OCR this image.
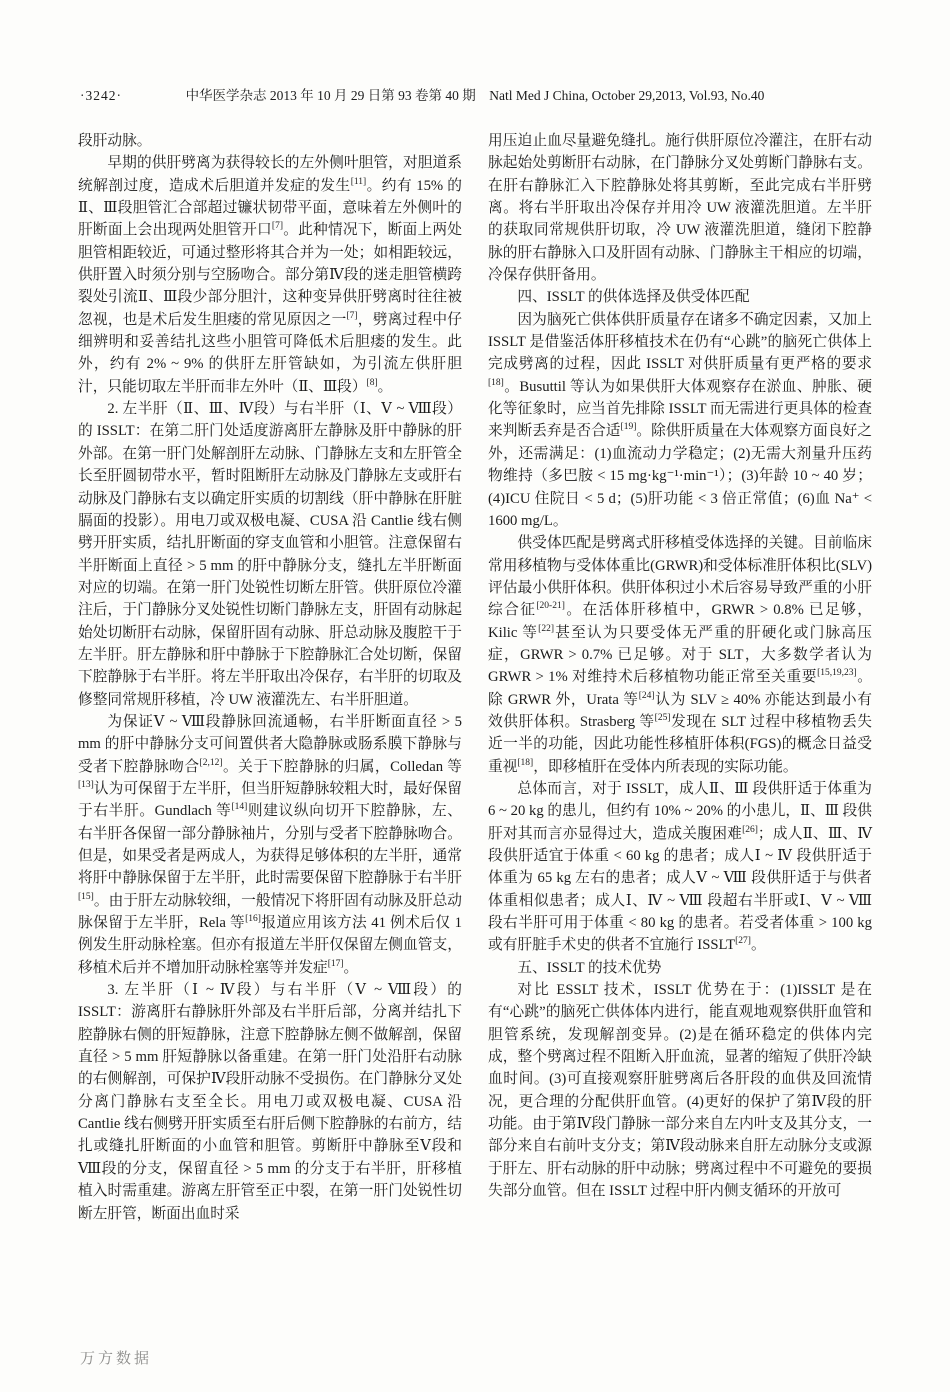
·3242·	中华医学杂志 2013 年 10 月 29 日第 93 卷第 40 期　Natl Med J China, October 29,2013, Vol.93, No.40

段肝动脉。

早期的供肝劈离为获得较长的左外侧叶胆管，对胆道系统解剖过度，造成术后胆道并发症的发生[11]。约有 15% 的Ⅱ、Ⅲ段胆管汇合部超过镰状韧带平面，意味着左外侧叶的肝断面上会出现两处胆管开口[7]。此种情况下，断面上两处胆管相距较近，可通过整形将其合并为一处；如相距较远，供肝置入时须分别与空肠吻合。部分第Ⅳ段的迷走胆管横跨裂处引流Ⅱ、Ⅲ段少部分胆汁，这种变异供肝劈离时往往被忽视，也是术后发生胆瘘的常见原因之一[7]，劈离过程中仔细辨明和妥善结扎这些小胆管可降低术后胆瘘的发生。此外，约有 2% ~ 9% 的供肝左肝管缺如，为引流左供肝胆汁，只能切取左半肝而非左外叶（Ⅱ、Ⅲ段）[8]。

2. 左半肝（Ⅱ、Ⅲ、Ⅳ段）与右半肝（Ⅰ、Ⅴ ~ Ⅷ段）的 ISSLT：在第二肝门处适度游离肝左静脉及肝中静脉的肝外部。在第一肝门处解剖肝左动脉、门静脉左支和左肝管全长至肝圆韧带水平，暂时阻断肝左动脉及门静脉左支或肝右动脉及门静脉右支以确定肝实质的切割线（肝中静脉在肝脏膈面的投影）。用电刀或双极电凝、CUSA 沿 Cantlie 线右侧劈开肝实质，结扎肝断面的穿支血管和小胆管。注意保留右半肝断面上直径 > 5 mm 的肝中静脉分支，缝扎左半肝断面对应的切端。在第一肝门处锐性切断左肝管。供肝原位冷灌注后，于门静脉分叉处锐性切断门静脉左支，肝固有动脉起始处切断肝右动脉，保留肝固有动脉、肝总动脉及腹腔干于左半肝。肝左静脉和肝中静脉于下腔静脉汇合处切断，保留下腔静脉于右半肝。将左半肝取出冷保存，右半肝的切取及修整同常规肝移植，冷 UW 液灌洗左、右半肝胆道。

为保证Ⅴ ~ Ⅷ段静脉回流通畅，右半肝断面直径 > 5 mm 的肝中静脉分支可间置供者大隐静脉或肠系膜下静脉与受者下腔静脉吻合[2,12]。关于下腔静脉的归属，Colledan 等[13]认为可保留于左半肝，但当肝短静脉较粗大时，最好保留于右半肝。Gundlach 等[14]则建议纵向切开下腔静脉，左、右半肝各保留一部分静脉袖片，分别与受者下腔静脉吻合。但是，如果受者是两成人，为获得足够体积的左半肝，通常将肝中静脉保留于左半肝，此时需要保留下腔静脉于右半肝[15]。由于肝左动脉较细，一般情况下将肝固有动脉及肝总动脉保留于左半肝，Rela 等[16]报道应用该方法 41 例术后仅 1 例发生肝动脉栓塞。但亦有报道左半肝仅保留左侧血管支，移植术后并不增加肝动脉栓塞等并发症[17]。

3. 左半肝（Ⅰ ~ Ⅳ段）与右半肝（Ⅴ ~ Ⅷ段）的 ISSLT：游离肝右静脉肝外部及右半肝后部，分离并结扎下腔静脉右侧的肝短静脉，注意下腔静脉左侧不做解剖，保留直径 > 5 mm 肝短静脉以备重建。在第一肝门处沿肝右动脉的右侧解剖，可保护Ⅳ段肝动脉不受损伤。在门静脉分叉处分离门静脉右支至全长。用电刀或双极电凝、CUSA 沿 Cantlie 线右侧劈开肝实质至右肝后侧下腔静脉的右前方，结扎或缝扎肝断面的小血管和胆管。剪断肝中静脉至Ⅴ段和Ⅷ段的分支，保留直径 > 5 mm 的分支于右半肝，肝移植植入时需重建。游离左肝管至正中裂，在第一肝门处锐性切断左肝管，断面出血时采

用压迫止血尽量避免缝扎。施行供肝原位冷灌注，在肝右动脉起始处剪断肝右动脉，在门静脉分叉处剪断门静脉右支。在肝右静脉汇入下腔静脉处将其剪断，至此完成右半肝劈离。将右半肝取出冷保存并用冷 UW 液灌洗胆道。左半肝的获取同常规供肝切取，冷 UW 液灌洗胆道，缝闭下腔静脉的肝右静脉入口及肝固有动脉、门静脉主干相应的切端，冷保存供肝备用。

四、ISSLT 的供体选择及供受体匹配

因为脑死亡供体供肝质量存在诸多不确定因素，又加上 ISSLT 是借鉴活体肝移植技术在仍有“心跳”的脑死亡供体上完成劈离的过程，因此 ISSLT 对供肝质量有更严格的要求[18]。Busuttil 等认为如果供肝大体观察存在淤血、肿胀、硬化等征象时，应当首先排除 ISSLT 而无需进行更具体的检查来判断丢弃是否合适[19]。除供肝质量在大体观察方面良好之外，还需满足：(1)血流动力学稳定；(2)无需大剂量升压药物维持（多巴胺 < 15 mg·kg⁻¹·min⁻¹）；(3)年龄 10 ~ 40 岁；(4)ICU 住院日 < 5 d；(5)肝功能 < 3 倍正常值；(6)血 Na⁺ < 1600 mg/L。

供受体匹配是劈离式肝移植受体选择的关键。目前临床常用移植物与受体体重比(GRWR)和受体标准肝体积比(SLV)评估最小供肝体积。供肝体积过小术后容易导致严重的小肝综合征[20-21]。在活体肝移植中，GRWR > 0.8% 已足够，Kilic 等[22]甚至认为只要受体无严重的肝硬化或门脉高压症，GRWR > 0.7% 已足够。对于 SLT，大多数学者认为 GRWR > 1% 对维持术后移植物功能正常至关重要[15,19,23]。除 GRWR 外，Urata 等[24]认为 SLV ≥ 40% 亦能达到最小有效供肝体积。Strasberg 等[25]发现在 SLT 过程中移植物丢失近一半的功能，因此功能性移植肝体积(FGS)的概念日益受重视[18]，即移植肝在受体内所表现的实际功能。

总体而言，对于 ISSLT，成人Ⅱ、Ⅲ 段供肝适于体重为 6 ~ 20 kg 的患儿，但约有 10% ~ 20% 的小患儿，Ⅱ、Ⅲ 段供肝对其而言亦显得过大，造成关腹困难[26]；成人Ⅱ、Ⅲ、Ⅳ段供肝适宜于体重 < 60 kg 的患者；成人Ⅰ ~ Ⅳ 段供肝适于体重为 65 kg 左右的患者；成人Ⅴ ~ Ⅷ 段供肝适于与供者体重相似患者；成人Ⅰ、Ⅳ ~ Ⅷ 段超右半肝或Ⅰ、Ⅴ ~ Ⅷ 段右半肝可用于体重 < 80 kg 的患者。若受者体重 > 100 kg 或有肝脏手术史的供者不宜施行 ISSLT[27]。

五、ISSLT 的技术优势

对比 ESSLT 技术，ISSLT 优势在于：(1)ISSLT 是在有“心跳”的脑死亡供体体内进行，能直观地观察供肝血管和胆管系统，发现解剖变异。(2)是在循环稳定的供体内完成，整个劈离过程不阻断入肝血流，显著的缩短了供肝冷缺血时间。(3)可直接观察肝脏劈离后各肝段的血供及回流情况，更合理的分配供肝血管。(4)更好的保护了第Ⅳ段的肝功能。由于第Ⅳ段门静脉一部分来自左内叶支及其分支，一部分来自右前叶支分支；第Ⅳ段动脉来自肝左动脉分支或源于肝左、肝右动脉的肝中动脉；劈离过程中不可避免的要损失部分血管。但在 ISSLT 过程中肝内侧支循环的开放可

万方数据
